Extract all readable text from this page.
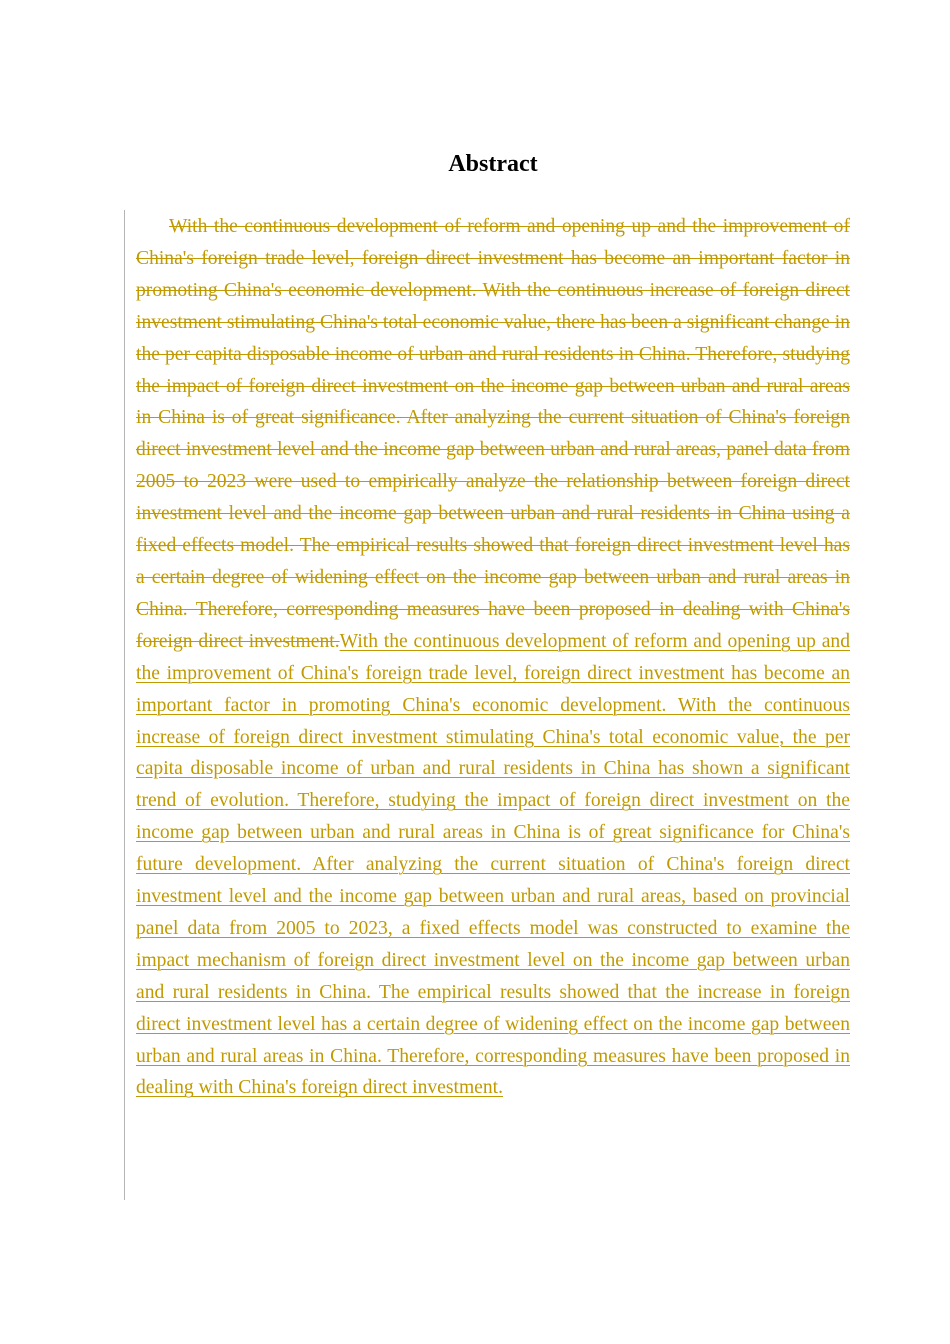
Abstract

With the continuous development of reform and opening up and the improvement of China's foreign trade level, foreign direct investment has become an important factor in promoting China's economic development. With the continuous increase of foreign direct investment stimulating China's total economic value, there has been a significant change in the per capita disposable income of urban and rural residents in China. Therefore, studying the impact of foreign direct investment on the income gap between urban and rural areas in China is of great significance. After analyzing the current situation of China's foreign direct investment level and the income gap between urban and rural areas, panel data from 2005 to 2023 were used to empirically analyze the relationship between foreign direct investment level and the income gap between urban and rural residents in China using a fixed effects model. The empirical results showed that foreign direct investment level has a certain degree of widening effect on the income gap between urban and rural areas in China. Therefore, corresponding measures have been proposed in dealing with China's foreign direct investment.With the continuous development of reform and opening up and the improvement of China's foreign trade level, foreign direct investment has become an important factor in promoting China's economic development. With the continuous increase of foreign direct investment stimulating China's total economic value, the per capita disposable income of urban and rural residents in China has shown a significant trend of evolution. Therefore, studying the impact of foreign direct investment on the income gap between urban and rural areas in China is of great significance for China's future development. After analyzing the current situation of China's foreign direct investment level and the income gap between urban and rural areas, based on provincial panel data from 2005 to 2023, a fixed effects model was constructed to examine the impact mechanism of foreign direct investment level on the income gap between urban and rural residents in China. The empirical results showed that the increase in foreign direct investment level has a certain degree of widening effect on the income gap between urban and rural areas in China. Therefore, corresponding measures have been proposed in dealing with China's foreign direct investment.
